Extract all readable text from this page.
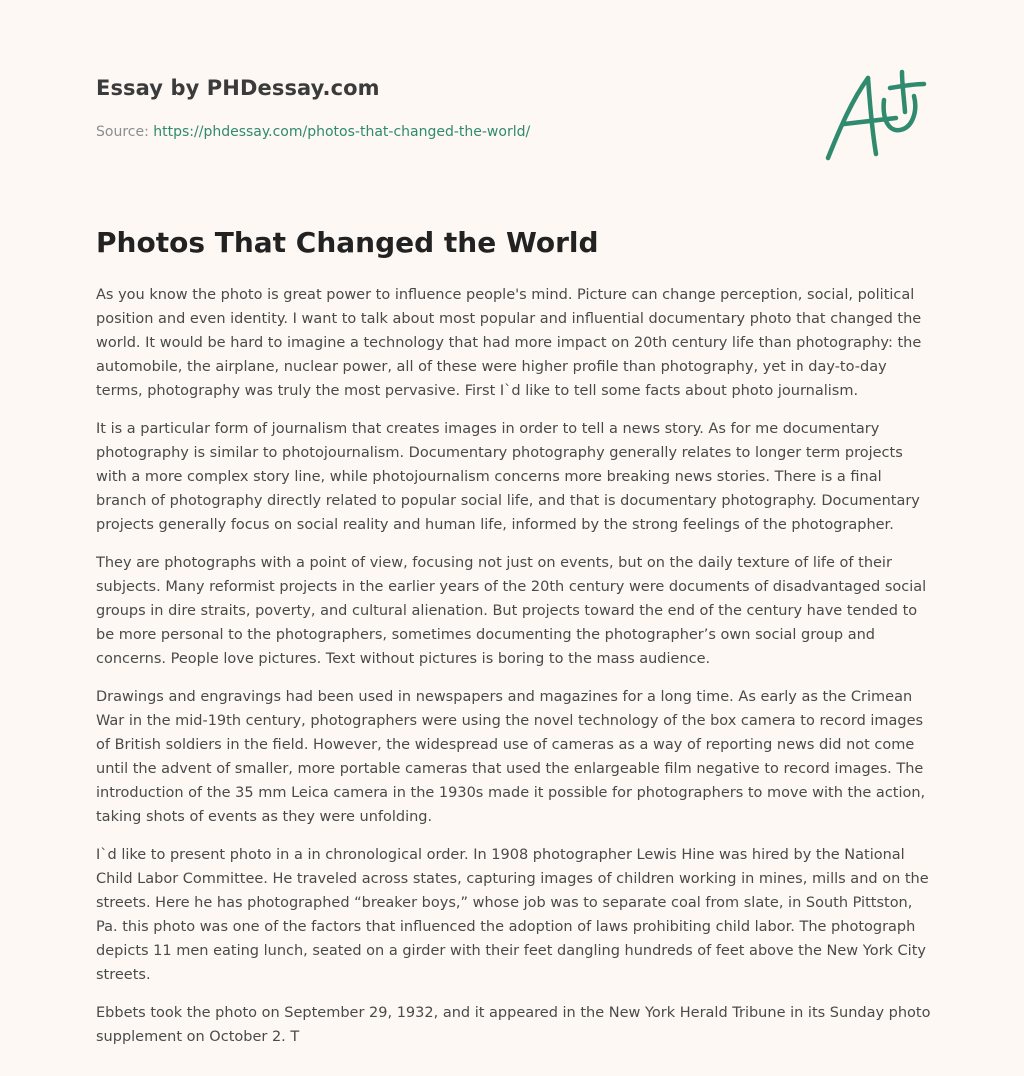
Essay by PHDessay.com

Source: https://phdessay.com/photos-that-changed-the-world/

Photos That Changed the World

As you know the photo is great power to influence people's mind. Picture can change perception, social, political position and even identity. I want to talk about most popular and influential documentary photo that changed the world. It would be hard to imagine a technology that had more impact on 20th century life than photography: the automobile, the airplane, nuclear power, all of these were higher profile than photography, yet in day-to-day terms, photography was truly the most pervasive. First I`d like to tell some facts about photo journalism.

It is a particular form of journalism that creates images in order to tell a news story. As for me documentary photography is similar to photojournalism. Documentary photography generally relates to longer term projects with a more complex story line, while photojournalism concerns more breaking news stories. There is a final branch of photography directly related to popular social life, and that is documentary photography. Documentary projects generally focus on social reality and human life, informed by the strong feelings of the photographer.

They are photographs with a point of view, focusing not just on events, but on the daily texture of life of their subjects. Many reformist projects in the earlier years of the 20th century were documents of disadvantaged social groups in dire straits, poverty, and cultural alienation. But projects toward the end of the century have tended to be more personal to the photographers, sometimes documenting the photographer’s own social group and concerns. People love pictures. Text without pictures is boring to the mass audience.

Drawings and engravings had been used in newspapers and magazines for a long time. As early as the Crimean War in the mid-19th century, photographers were using the novel technology of the box camera to record images of British soldiers in the field. However, the widespread use of cameras as a way of reporting news did not come until the advent of smaller, more portable cameras that used the enlargeable film negative to record images. The introduction of the 35 mm Leica camera in the 1930s made it possible for photographers to move with the action, taking shots of events as they were unfolding.

I`d like to present photo in a in chronological order. In 1908 photographer Lewis Hine was hired by the National Child Labor Committee. He traveled across states, capturing images of children working in mines, mills and on the streets. Here he has photographed “breaker boys,” whose job was to separate coal from slate, in South Pittston, Pa. this photo was one of the factors that influenced the adoption of laws prohibiting child labor. The photograph depicts 11 men eating lunch, seated on a girder with their feet dangling hundreds of feet above the New York City streets.

Ebbets took the photo on September 29, 1932, and it appeared in the New York Herald Tribune in its Sunday photo supplement on October 2. T
